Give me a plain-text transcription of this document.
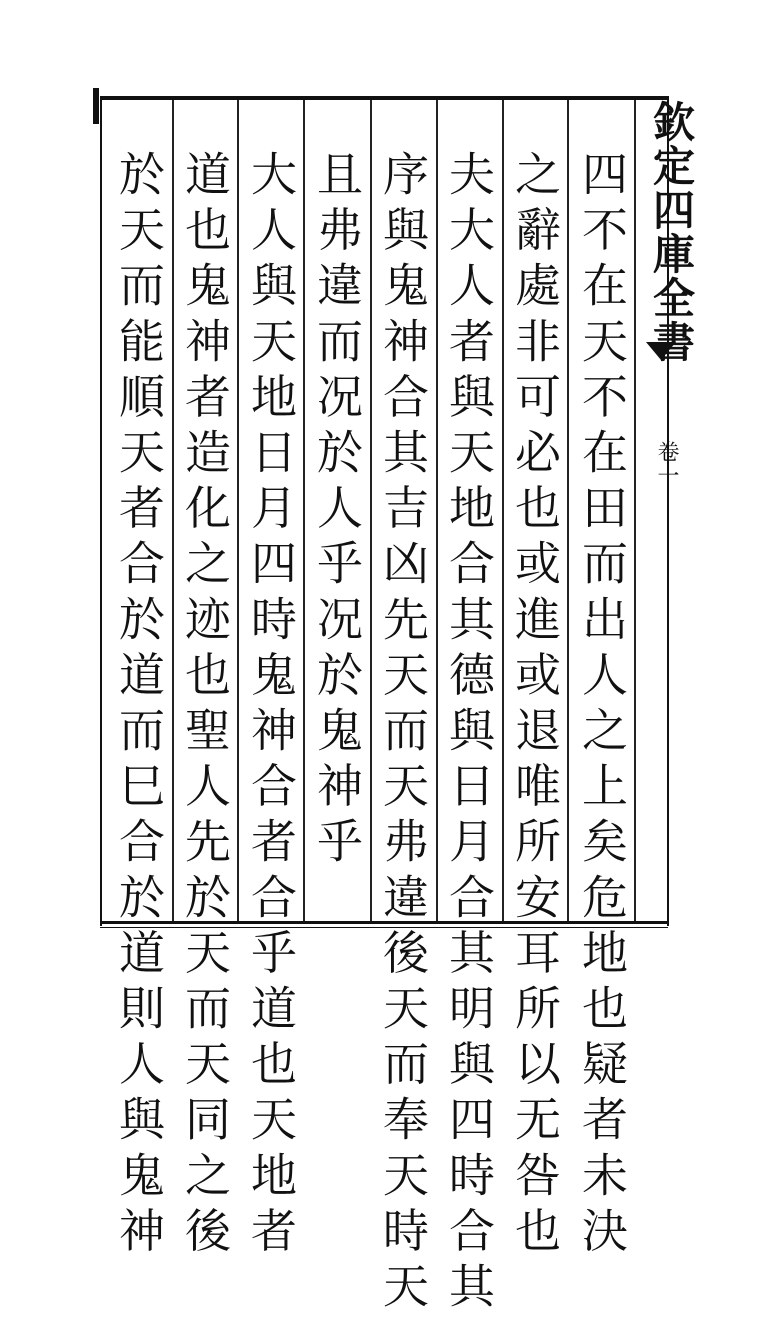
欽定四庫全書
卷一
四不在天不在田而出人之上矣危地也疑者未決
之辭處非可必也或進或退唯所安耳所以无咎也
夫大人者與天地合其德與日月合其明與四時合其
序與鬼神合其吉凶先天而天弗違後天而奉天時天
且弗違而况於人乎况於鬼神乎
大人與天地日月四時鬼神合者合乎道也天地者
道也鬼神者造化之迹也聖人先於天而天同之後
於天而能順天者合於道而巳合於道則人與鬼神
